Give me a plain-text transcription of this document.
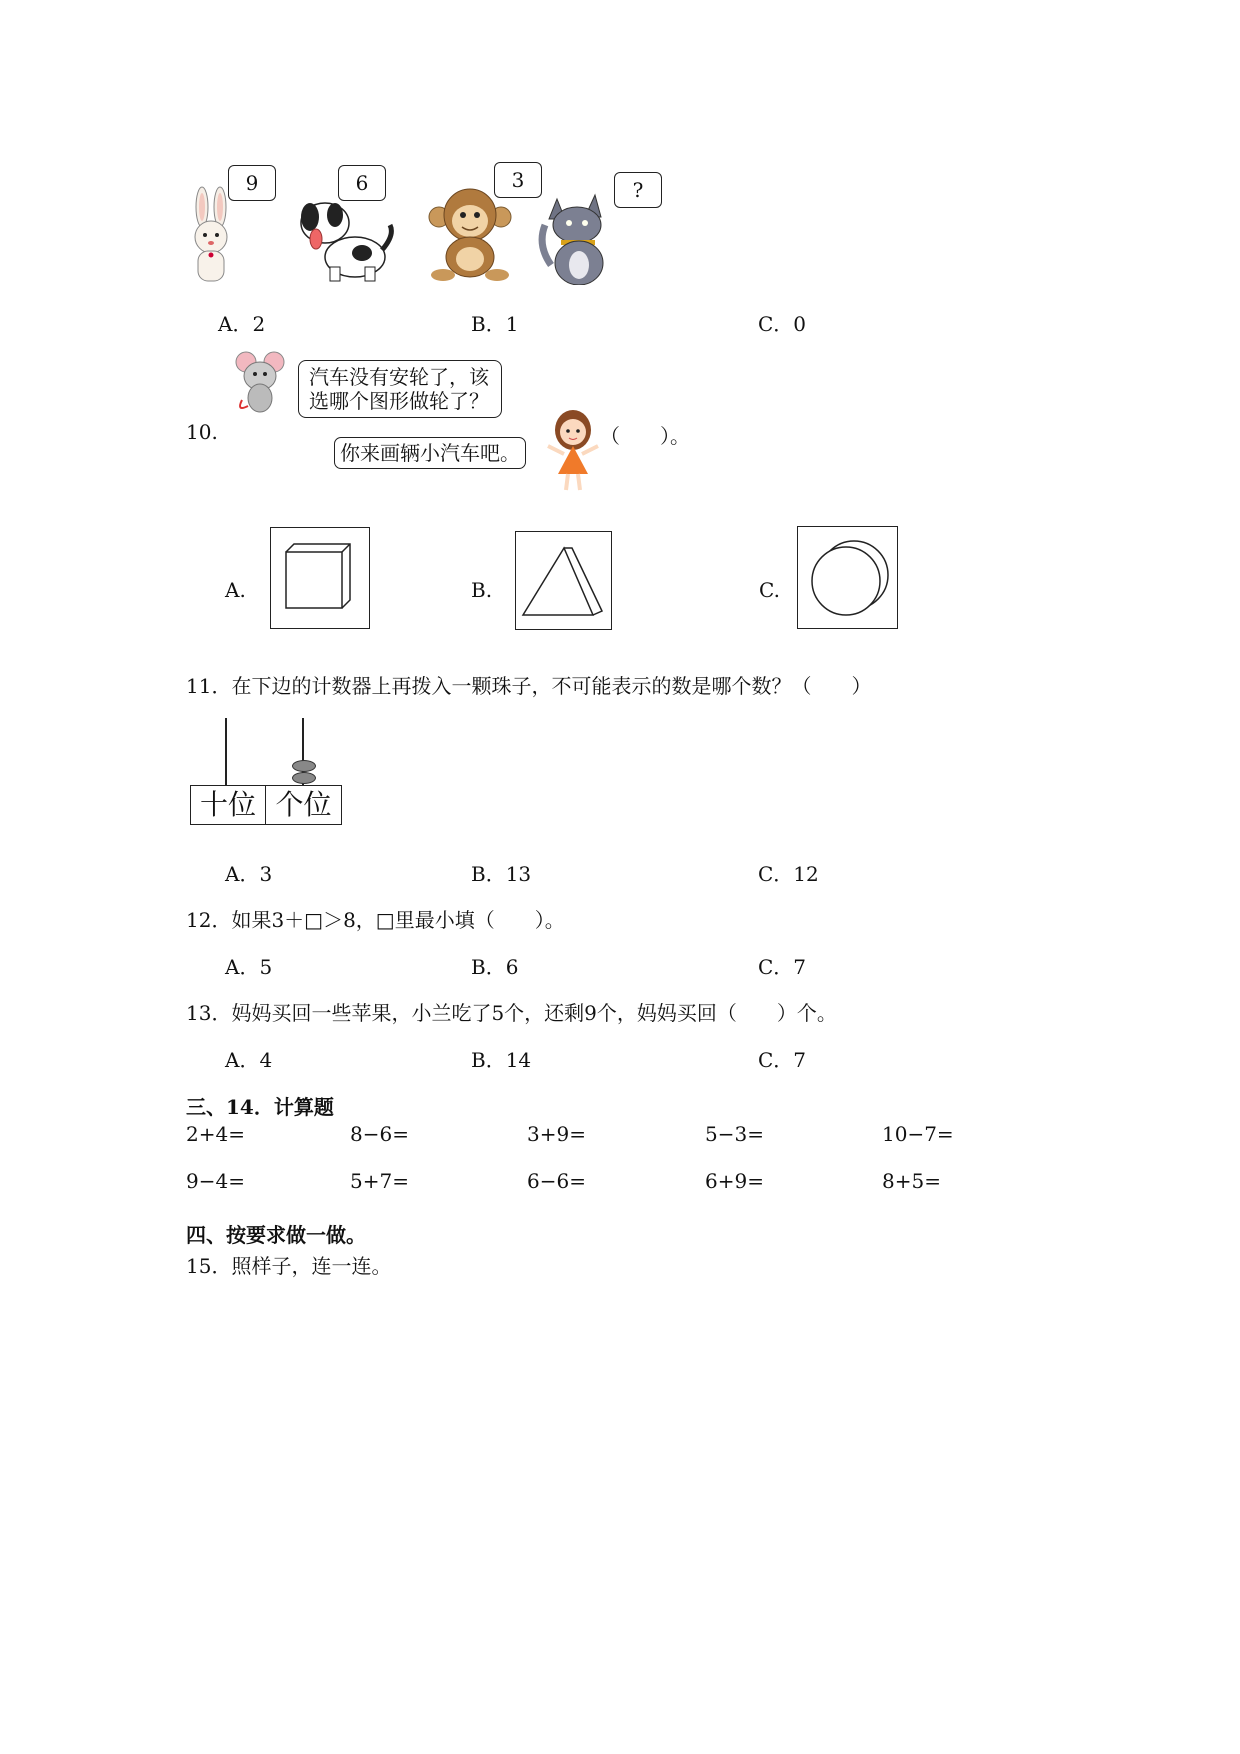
9	6	3	?
A．2	B．1	C．0
汽车没有安轮了，该
选哪个图形做轮了？
10.
你来画辆小汽车吧。
（　　）。
A.	B.	C.
11．在下边的计数器上再拨入一颗珠子，不可能表示的数是哪个数？（　　）
十位 个位
A．3	B．13	C．12
12．如果3＋□＞8，□里最小填（　　）。
A．5	B．6	C．7
13．妈妈买回一些苹果，小兰吃了5个，还剩9个，妈妈买回（　　）个。
A．4	B．14	C．7
三、14．计算题
2+4=	8−6=	3+9=	5−3=	10−7=
9−4=	5+7=	6−6=	6+9=	8+5=
四、按要求做一做。
15．照样子，连一连。
